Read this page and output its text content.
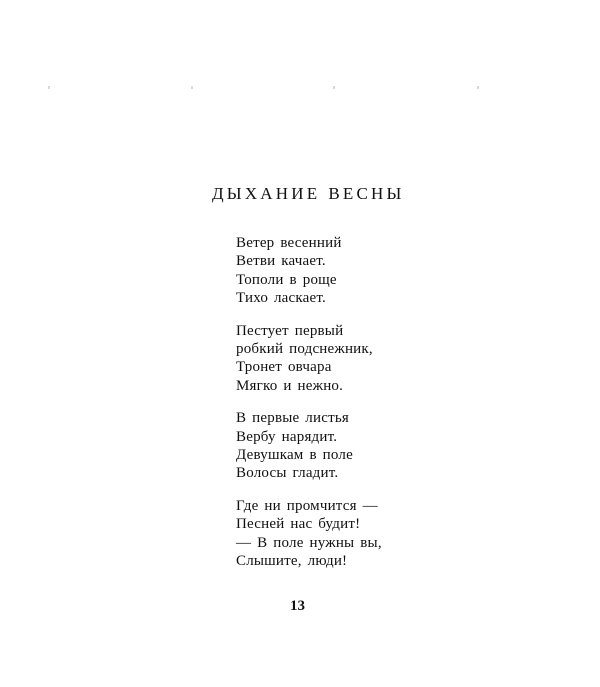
ДЫХАНИЕ ВЕСНЫ
Ветер весенний
Ветви качает.
Тополи в роще
Тихо ласкает.
Пестует первый
робкий подснежник,
Тронет овчара
Мягко и нежно.
В первые листья
Вербу нарядит.
Девушкам в поле
Волосы гладит.
Где ни промчится —
Песней нас будит!
— В поле нужны вы,
Слышите, люди!
13
